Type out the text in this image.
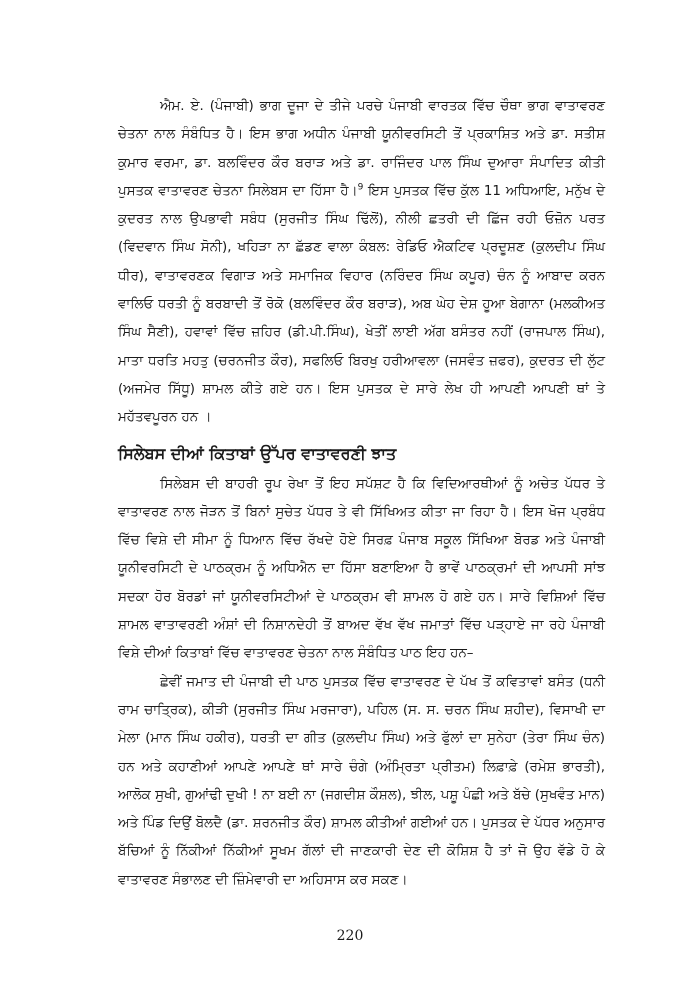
ਐਮ. ਏ. (ਪੰਜਾਬੀ) ਭਾਗ ਦੂਜਾ ਦੇ ਤੀਜੇ ਪਰਚੇ ਪੰਜਾਬੀ ਵਾਰਤਕ ਵਿੱਚ ਚੌਥਾ ਭਾਗ ਵਾਤਾਵਰਣ ਚੇਤਨਾ ਨਾਲ ਸੰਬੰਧਿਤ ਹੈ। ਇਸ ਭਾਗ ਅਧੀਨ ਪੰਜਾਬੀ ਯੂਨੀਵਰਸਿਟੀ ਤੋਂ ਪ੍ਰਕਾਸ਼ਿਤ ਅਤੇ ਡਾ. ਸਤੀਸ਼ ਕੁਮਾਰ ਵਰਮਾ, ਡਾ. ਬਲਵਿੰਦਰ ਕੌਰ ਬਰਾੜ ਅਤੇ ਡਾ. ਰਾਜਿੰਦਰ ਪਾਲ ਸਿੰਘ ਦੁਆਰਾ ਸੰਪਾਦਿਤ ਕੀਤੀ ਪੁਸਤਕ ਵਾਤਾਵਰਣ ਚੇਤਨਾ ਸਿਲੇਬਸ ਦਾ ਹਿੱਸਾ ਹੈ।$^9$ ਇਸ ਪੁਸਤਕ ਵਿੱਚ ਕੁੱਲ 11 ਅਧਿਆਇ, ਮਨੁੱਖ ਦੇ ਕੁਦਰਤ ਨਾਲ ਉਪਭਾਵੀ ਸਬੰਧ (ਸੁਰਜੀਤ ਸਿੰਘ ਢਿੱਲੋਂ), ਨੀਲੀ ਛਤਰੀ ਦੀ ਛਿੱਜ ਰਹੀ ਓਜ਼ੋਨ ਪਰਤ (ਵਿਦਵਾਨ ਸਿੰਘ ਸੋਨੀ), ਖਹਿੜਾ ਨਾ ਛੱਡਣ ਵਾਲਾ ਕੰਬਲ: ਰੇਡਿਓ ਐਕਟਿਵ ਪ੍ਰਦੂਸ਼ਣ (ਕੁਲਦੀਪ ਸਿੰਘ ਧੀਰ), ਵਾਤਾਵਰਣਕ ਵਿਗਾੜ ਅਤੇ ਸਮਾਜਿਕ ਵਿਹਾਰ (ਨਰਿੰਦਰ ਸਿੰਘ ਕਪੂਰ) ਚੰਨ ਨੂੰ ਆਬਾਦ ਕਰਨ ਵਾਲਿਓ ਧਰਤੀ ਨੂੰ ਬਰਬਾਦੀ ਤੋਂ ਰੋਕੋ (ਬਲਵਿੰਦਰ ਕੌਰ ਬਰਾੜ), ਅਬ ਘੇਹ ਦੇਸ਼ ਹੂਆ ਬੇਗਾਨਾ (ਮਲਕੀਅਤ ਸਿੰਘ ਸੈਣੀ), ਹਵਾਵਾਂ ਵਿੱਚ ਜ਼ਹਿਰ (ਡੀ.ਪੀ.ਸਿੰਘ), ਖੇਤੀਂ ਲਾਈ ਅੱਗ ਬਸੰਤਰ ਨਹੀਂ (ਰਾਜਪਾਲ ਸਿੰਘ), ਮਾਤਾ ਧਰਤਿ ਮਹਤੁ (ਚਰਨਜੀਤ ਕੌਰ), ਸਫਲਿਓ ਬਿਰਖੁ ਹਰੀਆਵਲਾ (ਜਸਵੰਤ ਜ਼ਫਰ), ਕੁਦਰਤ ਦੀ ਲੁੱਟ (ਅਜਮੇਰ ਸਿੱਧੂ) ਸ਼ਾਮਲ ਕੀਤੇ ਗਏ ਹਨ। ਇਸ ਪੁਸਤਕ ਦੇ ਸਾਰੇ ਲੇਖ ਹੀ ਆਪਣੀ ਆਪਣੀ ਥਾਂ ਤੇ ਮਹੱਤਵਪੂਰਨ ਹਨ ।

ਸਿਲੇਬਸ ਦੀਆਂ ਕਿਤਾਬਾਂ ਉੱਪਰ ਵਾਤਾਵਰਣੀ ਝਾਤ

ਸਿਲੇਬਸ ਦੀ ਬਾਹਰੀ ਰੂਪ ਰੇਖਾ ਤੋਂ ਇਹ ਸਪੱਸ਼ਟ ਹੈ ਕਿ ਵਿਦਿਆਰਥੀਆਂ ਨੂੰ ਅਚੇਤ ਪੱਧਰ ਤੇ ਵਾਤਾਵਰਣ ਨਾਲ ਜੋੜਨ ਤੋਂ ਬਿਨਾਂ ਸੁਚੇਤ ਪੱਧਰ ਤੇ ਵੀ ਸਿੱਖਿਅਤ ਕੀਤਾ ਜਾ ਰਿਹਾ ਹੈ। ਇਸ ਖੋਜ ਪ੍ਰਬੰਧ ਵਿੱਚ ਵਿਸ਼ੇ ਦੀ ਸੀਮਾ ਨੂੰ ਧਿਆਨ ਵਿੱਚ ਰੱਖਦੇ ਹੋਏ ਸਿਰਫ਼ ਪੰਜਾਬ ਸਕੂਲ ਸਿੱਖਿਆ ਬੋਰਡ ਅਤੇ ਪੰਜਾਬੀ ਯੂਨੀਵਰਸਿਟੀ ਦੇ ਪਾਠਕ੍ਰਮ ਨੂੰ ਅਧਿਐਨ ਦਾ ਹਿੱਸਾ ਬਣਾਇਆ ਹੈ ਭਾਵੇਂ ਪਾਠਕ੍ਰਮਾਂ ਦੀ ਆਪਸੀ ਸਾਂਝ ਸਦਕਾ ਹੋਰ ਬੋਰਡਾਂ ਜਾਂ ਯੂਨੀਵਰਸਿਟੀਆਂ ਦੇ ਪਾਠਕ੍ਰਮ ਵੀ ਸ਼ਾਮਲ ਹੋ ਗਏ ਹਨ। ਸਾਰੇ ਵਿਸ਼ਿਆਂ ਵਿੱਚ ਸ਼ਾਮਲ ਵਾਤਾਵਰਣੀ ਅੰਸ਼ਾਂ ਦੀ ਨਿਸ਼ਾਨਦੇਹੀ ਤੋਂ ਬਾਅਦ ਵੱਖ ਵੱਖ ਜਮਾਤਾਂ ਵਿੱਚ ਪੜ੍ਹਾਏ ਜਾ ਰਹੇ ਪੰਜਾਬੀ ਵਿਸ਼ੇ ਦੀਆਂ ਕਿਤਾਬਾਂ ਵਿੱਚ ਵਾਤਾਵਰਣ ਚੇਤਨਾ ਨਾਲ ਸੰਬੰਧਿਤ ਪਾਠ ਇਹ ਹਨ–

ਛੇਵੀਂ ਜਮਾਤ ਦੀ ਪੰਜਾਬੀ ਦੀ ਪਾਠ ਪੁਸਤਕ ਵਿੱਚ ਵਾਤਾਵਰਣ ਦੇ ਪੱਖ ਤੋਂ ਕਵਿਤਾਵਾਂ ਬਸੰਤ (ਧਨੀ ਰਾਮ ਚਾਤ੍ਰਿਕ), ਕੀੜੀ (ਸੁਰਜੀਤ ਸਿੰਘ ਮਰਜਾਰਾ), ਪਹਿਲ (ਸ. ਸ. ਚਰਨ ਸਿੰਘ ਸ਼ਹੀਦ), ਵਿਸਾਖੀ ਦਾ ਮੇਲਾ (ਮਾਨ ਸਿੰਘ ਹਕੀਰ), ਧਰਤੀ ਦਾ ਗੀਤ (ਕੁਲਦੀਪ ਸਿੰਘ) ਅਤੇ ਫੁੱਲਾਂ ਦਾ ਸੁਨੇਹਾ (ਤੇਰਾ ਸਿੰਘ ਚੰਨ) ਹਨ ਅਤੇ ਕਹਾਣੀਆਂ ਆਪਣੇ ਆਪਣੇ ਥਾਂ ਸਾਰੇ ਚੰਗੇ (ਅੰਮ੍ਰਿਤਾ ਪ੍ਰੀਤਮ) ਲਿਫ਼ਾਫ਼ੇ (ਰਮੇਸ਼ ਭਾਰਤੀ), ਆਲੋਕ ਸੁਖੀ, ਗੁਆਂਢੀ ਦੁਖੀ ! ਨਾ ਬਈ ਨਾ (ਜਗਦੀਸ਼ ਕੌਸ਼ਲ), ਝੀਲ, ਪਸ਼ੂ ਪੰਛੀ ਅਤੇ ਬੱਚੇ (ਸੁਖਵੰਤ ਮਾਨ) ਅਤੇ ਪਿੰਡ ਦਿਉਂ ਬੋਲਦੈ (ਡਾ. ਸ਼ਰਨਜੀਤ ਕੌਰ) ਸ਼ਾਮਲ ਕੀਤੀਆਂ ਗਈਆਂ ਹਨ। ਪੁਸਤਕ ਦੇ ਪੱਧਰ ਅਨੁਸਾਰ ਬੱਚਿਆਂ ਨੂੰ ਨਿੱਕੀਆਂ ਨਿੱਕੀਆਂ ਸੂਖਮ ਗੱਲਾਂ ਦੀ ਜਾਣਕਾਰੀ ਦੇਣ ਦੀ ਕੋਸ਼ਿਸ਼ ਹੈ ਤਾਂ ਜੋ ਉਹ ਵੱਡੇ ਹੋ ਕੇ ਵਾਤਾਵਰਣ ਸੰਭਾਲਣ ਦੀ ਜ਼ਿੰਮੇਵਾਰੀ ਦਾ ਅਹਿਸਾਸ ਕਰ ਸਕਣ।

220
